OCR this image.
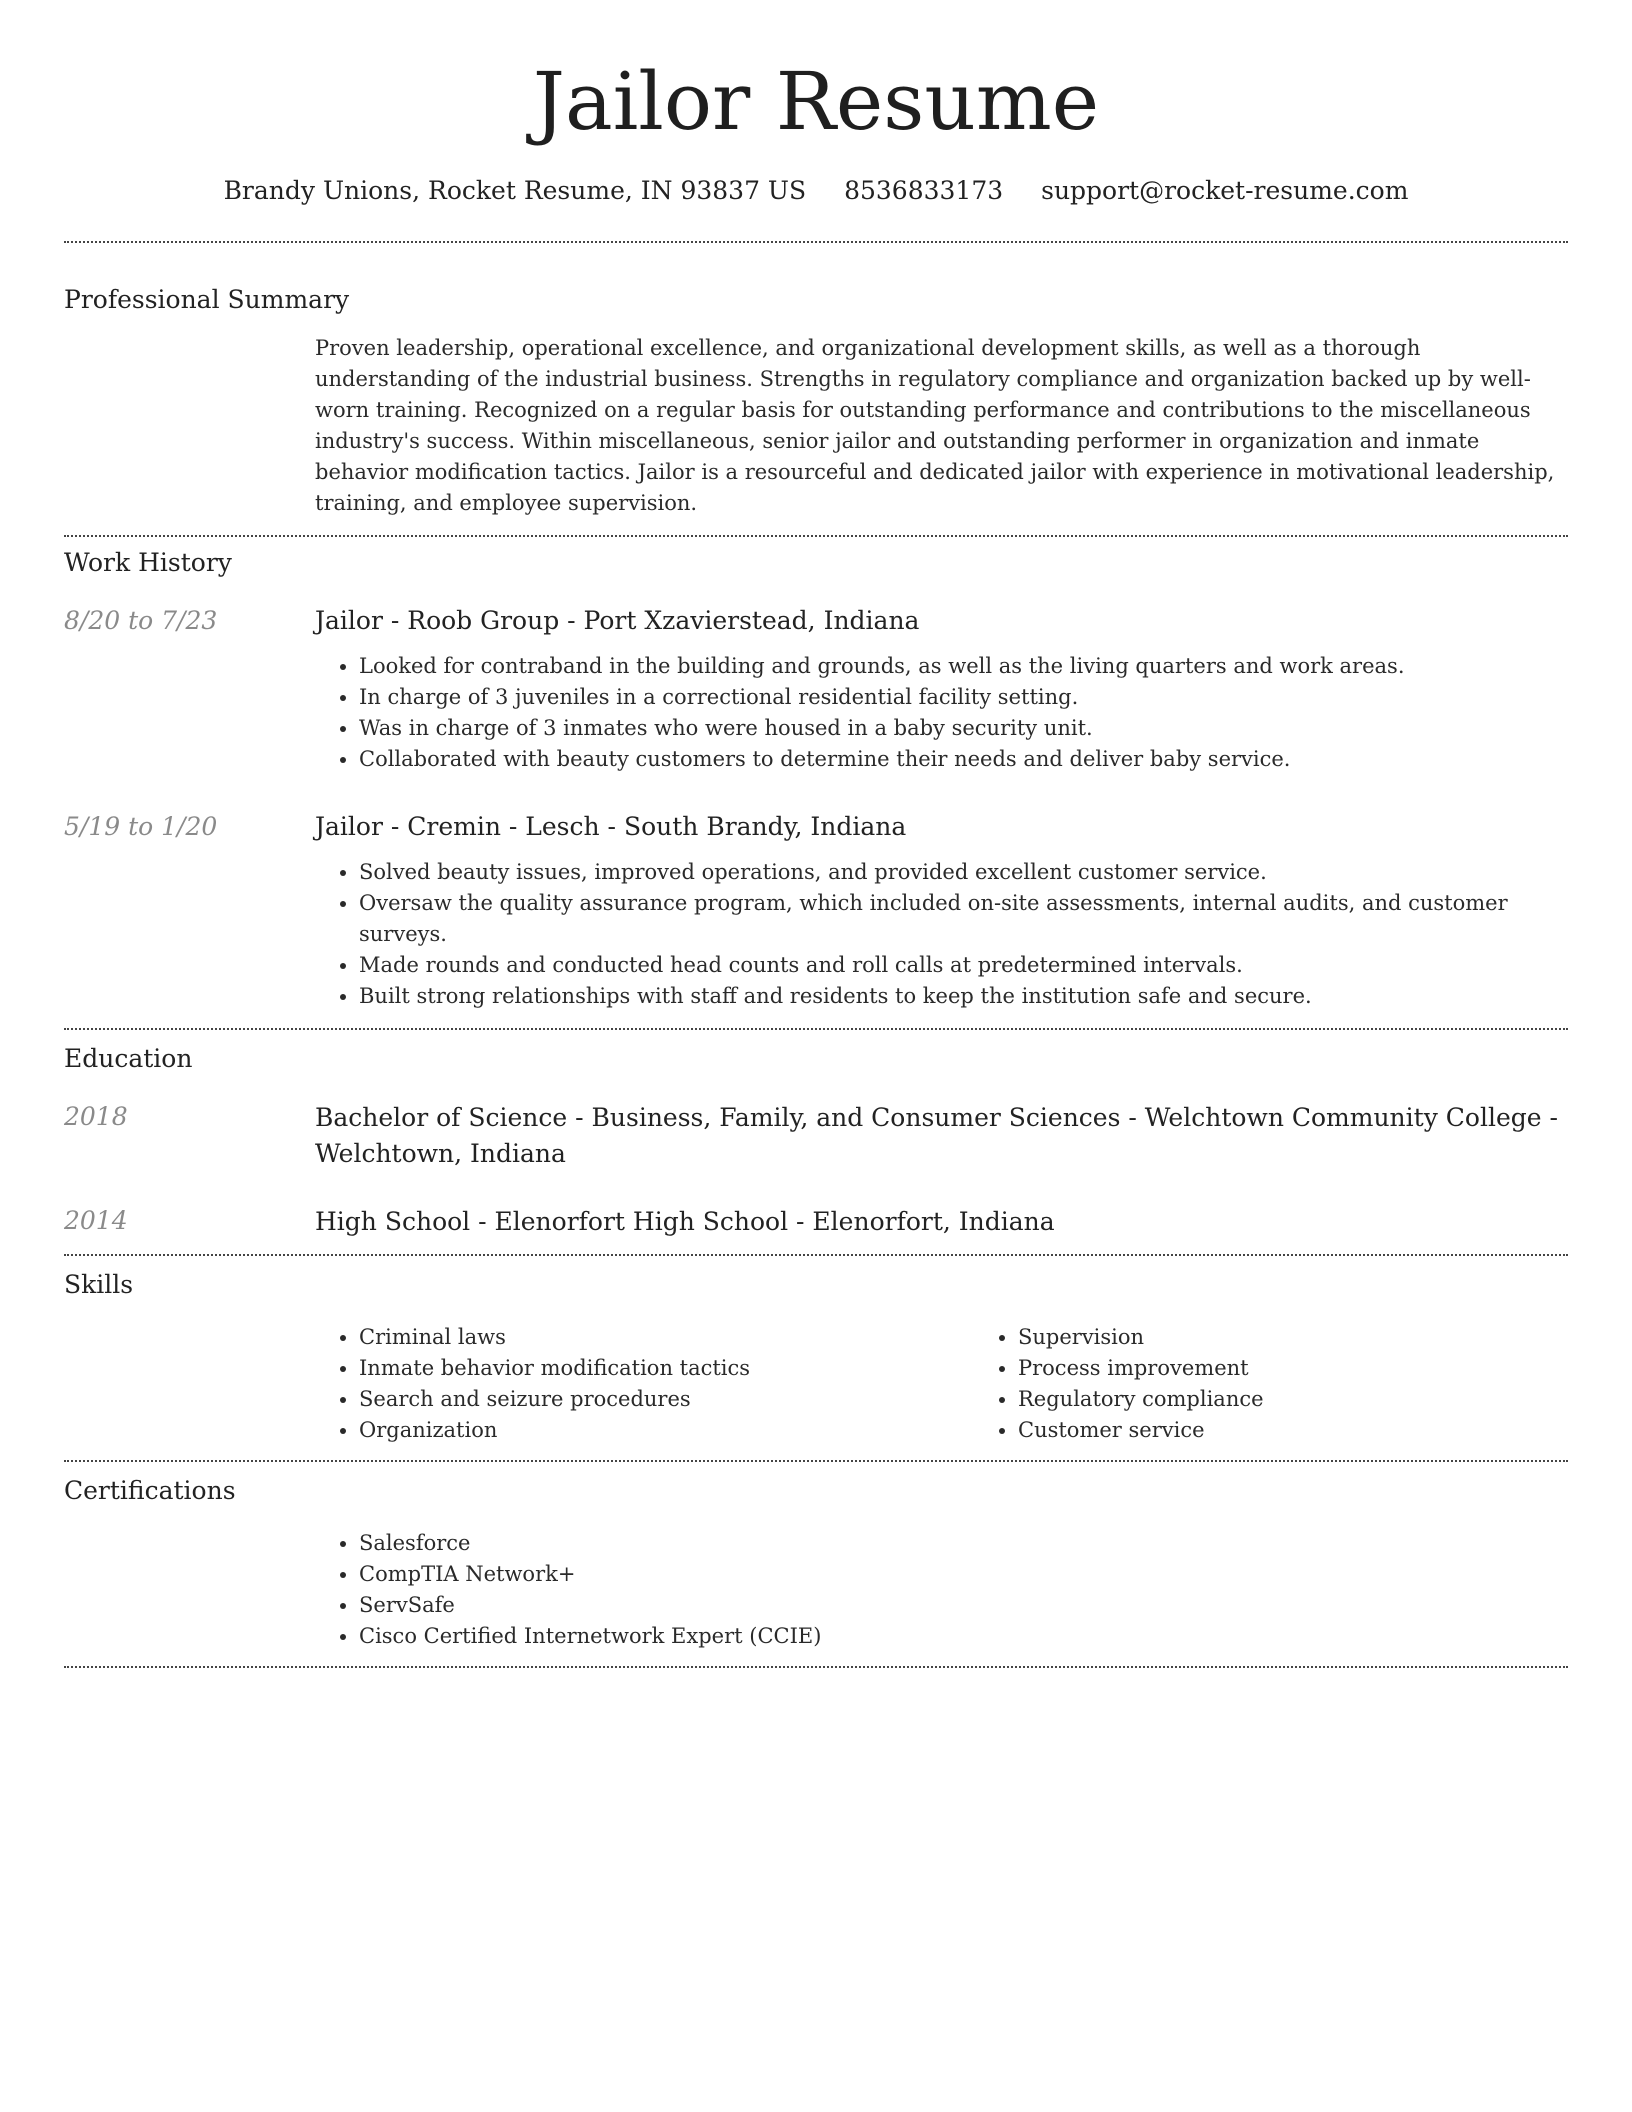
Jailor Resume
Brandy Unions, Rocket Resume, IN 93837 US 8536833173 support@rocket-resume.com
Professional Summary

Proven leadership, operational excellence, and organizational development skills, as well as a thorough understanding of the industrial business. Strengths in regulatory compliance and organization backed up by well-worn training. Recognized on a regular basis for outstanding performance and contributions to the miscellaneous industry's success. Within miscellaneous, senior jailor and outstanding performer in organization and inmate behavior modification tactics. Jailor is a resourceful and dedicated jailor with experience in motivational leadership, training, and employee supervision.

Work History
8/20 to 7/23	Jailor - Roob Group - Port Xzavierstead, Indiana

• Looked for contraband in the building and grounds, as well as the living quarters and work areas.
• In charge of 3 juveniles in a correctional residential facility setting.
• Was in charge of 3 inmates who were housed in a baby security unit.
• Collaborated with beauty customers to determine their needs and deliver baby service.
5/19 to 1/20	Jailor - Cremin - Lesch - South Brandy, Indiana

• Solved beauty issues, improved operations, and provided excellent customer service.
• Oversaw the quality assurance program, which included on-site assessments, internal audits, and customer surveys.
• Made rounds and conducted head counts and roll calls at predetermined intervals.
• Built strong relationships with staff and residents to keep the institution safe and secure.
Education
2018	Bachelor of Science - Business, Family, and Consumer Sciences - Welchtown Community College - Welchtown, Indiana

2014	High School - Elenorfort High School - Elenorfort, Indiana

Skills
• Criminal laws
• Inmate behavior modification tactics
• Search and seizure procedures
• Organization
• Supervision
• Process improvement
• Regulatory compliance
• Customer service
Certifications
• Salesforce
• CompTIA Network+
• ServSafe
• Cisco Certified Internetwork Expert (CCIE)
